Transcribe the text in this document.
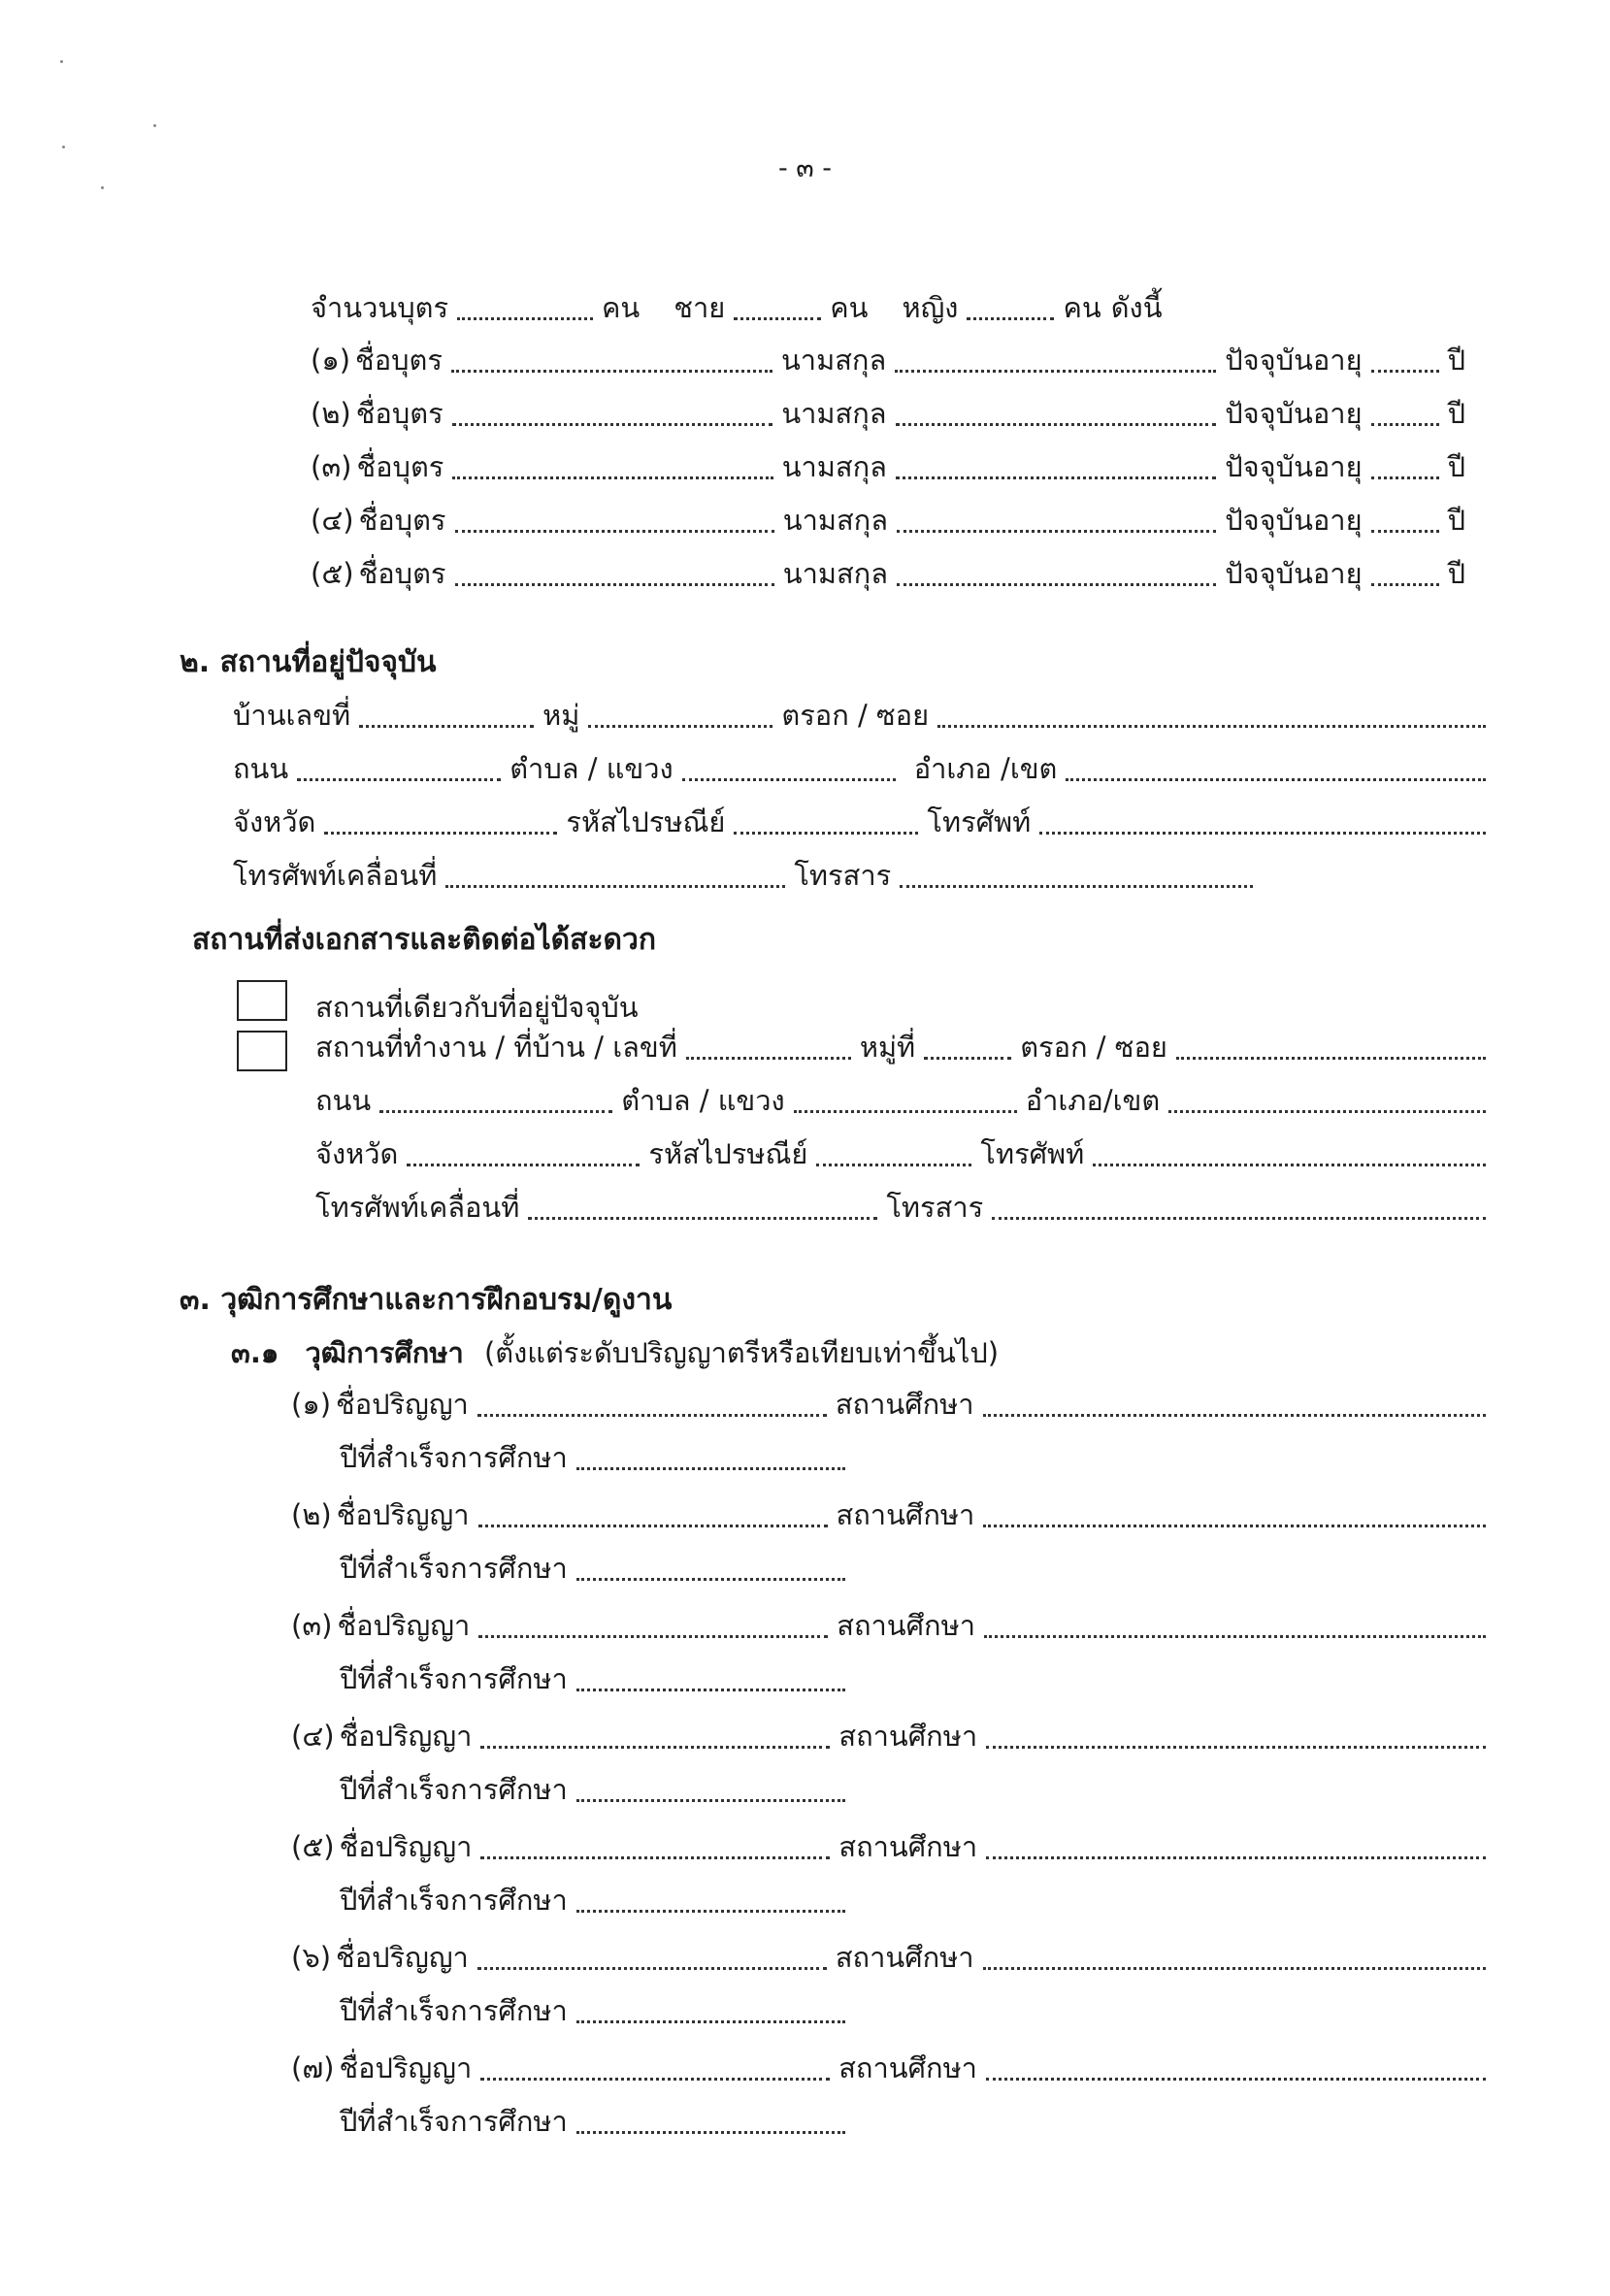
- ๓ -
จำนวนบุตร	คน	ชาย	คน	หญิง	คน ดังนี้
(๑) ชื่อบุตร	นามสกุล	ปัจจุบันอายุ	ปี
(๒) ชื่อบุตร	นามสกุล	ปัจจุบันอายุ	ปี
(๓) ชื่อบุตร	นามสกุล	ปัจจุบันอายุ	ปี
(๔) ชื่อบุตร	นามสกุล	ปัจจุบันอายุ	ปี
(๕) ชื่อบุตร	นามสกุล	ปัจจุบันอายุ	ปี
๒. สถานที่อยู่ปัจจุบัน
บ้านเลขที่	หมู่	ตรอก / ซอย
ถนน	ตำบล / แขวง	อำเภอ /เขต
จังหวัด	รหัสไปรษณีย์	โทรศัพท์
โทรศัพท์เคลื่อนที่	โทรสาร
สถานที่ส่งเอกสารและติดต่อได้สะดวก
สถานที่เดียวกับที่อยู่ปัจจุบัน
สถานที่ทำงาน / ที่บ้าน / เลขที่	หมู่ที่	ตรอก / ซอย
ถนน	ตำบล / แขวง	อำเภอ/เขต
จังหวัด	รหัสไปรษณีย์	โทรศัพท์
โทรศัพท์เคลื่อนที่	โทรสาร
๓. วุฒิการศึกษาและการฝึกอบรม/ดูงาน
๓.๑ วุฒิการศึกษา (ตั้งแต่ระดับปริญญาตรีหรือเทียบเท่าขึ้นไป)
(๑) ชื่อปริญญา	สถานศึกษา
ปีที่สำเร็จการศึกษา
(๒) ชื่อปริญญา	สถานศึกษา
ปีที่สำเร็จการศึกษา
(๓) ชื่อปริญญา	สถานศึกษา
ปีที่สำเร็จการศึกษา
(๔) ชื่อปริญญา	สถานศึกษา
ปีที่สำเร็จการศึกษา
(๕) ชื่อปริญญา	สถานศึกษา
ปีที่สำเร็จการศึกษา
(๖) ชื่อปริญญา	สถานศึกษา
ปีที่สำเร็จการศึกษา
(๗) ชื่อปริญญา	สถานศึกษา
ปีที่สำเร็จการศึกษา
